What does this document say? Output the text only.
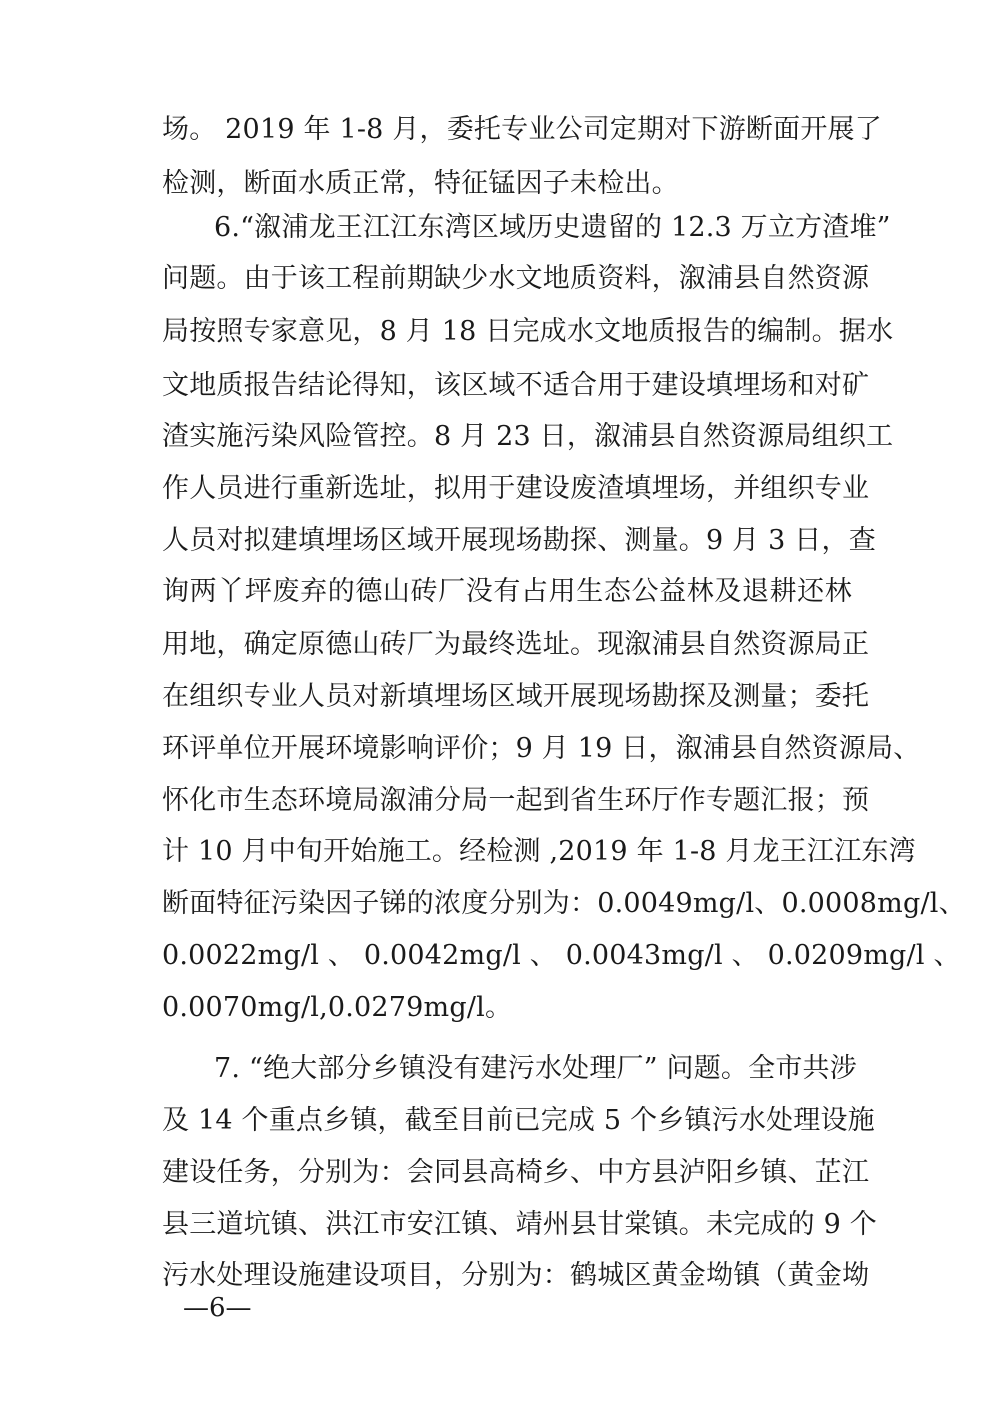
场。 2019 年 1-8 月，委托专业公司定期对下游断面开展了
检测，断面水质正常，特征锰因子未检出。
6.“溆浦龙王江江东湾区域历史遗留的 12.3 万立方渣堆”
问题。由于该工程前期缺少水文地质资料，溆浦县自然资源
局按照专家意见，8 月 18 日完成水文地质报告的编制。据水
文地质报告结论得知，该区域不适合用于建设填埋场和对矿
渣实施污染风险管控。8 月 23 日，溆浦县自然资源局组织工
作人员进行重新选址，拟用于建设废渣填埋场，并组织专业
人员对拟建填埋场区域开展现场勘探、测量。9 月 3 日，查
询两丫坪废弃的德山砖厂没有占用生态公益林及退耕还林
用地，确定原德山砖厂为最终选址。现溆浦县自然资源局正
在组织专业人员对新填埋场区域开展现场勘探及测量；委托
环评单位开展环境影响评价；9 月 19 日，溆浦县自然资源局、
怀化市生态环境局溆浦分局一起到省生环厅作专题汇报；预
计 10 月中旬开始施工。经检测 ,2019 年 1-8 月龙王江江东湾
断面特征污染因子锑的浓度分别为：0.0049mg/l、0.0008mg/l、
0.0022mg/l 、 0.0042mg/l 、 0.0043mg/l 、 0.0209mg/l 、
0.0070mg/l,0.0279mg/l。
7. “绝大部分乡镇没有建污水处理厂” 问题。全市共涉
及 14 个重点乡镇，截至目前已完成 5 个乡镇污水处理设施
建设任务，分别为：会同县高椅乡、中方县泸阳乡镇、芷江
县三道坑镇、洪江市安江镇、靖州县甘棠镇。未完成的 9 个
污水处理设施建设项目，分别为：鹤城区黄金坳镇（黄金坳
—6—
